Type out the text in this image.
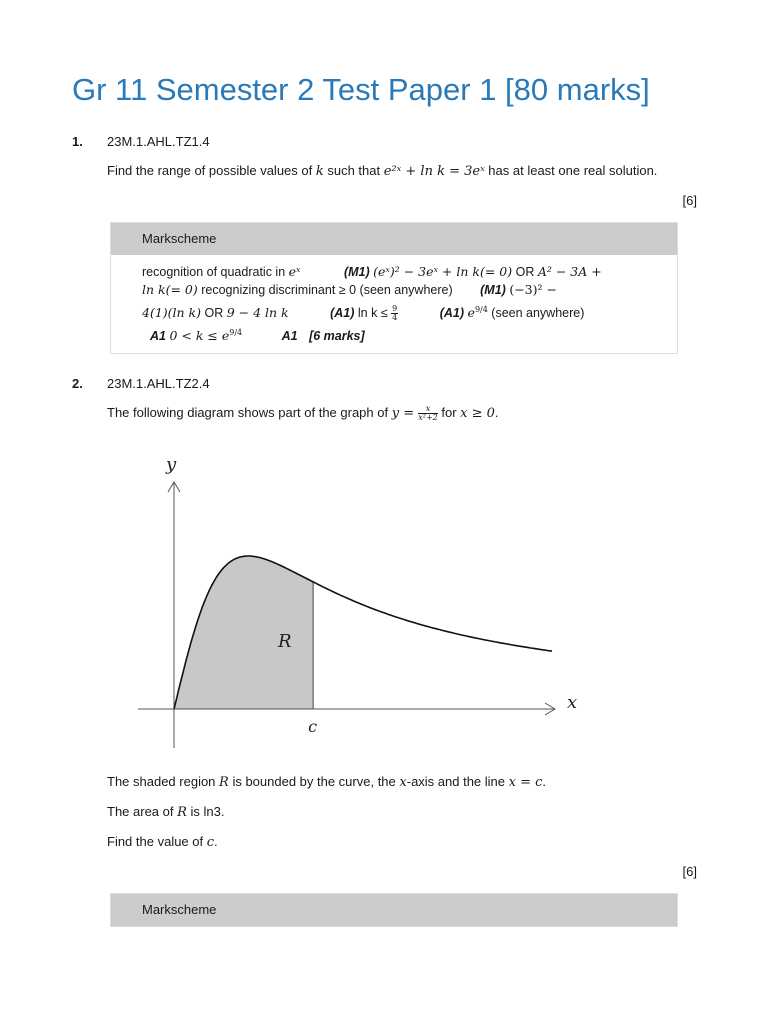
Gr 11 Semester 2 Test Paper 1 [80 marks]
1. 23M.1.AHL.TZ1.4
Find the range of possible values of k such that e²ˣ + ln k = 3eˣ has at least one real solution.
[6]
Markscheme
recognition of quadratic in eˣ	(M1) (eˣ)² − 3eˣ + ln k(= 0) OR A² − 3A +
ln k(= 0) recognizing discriminant ≥ 0 (seen anywhere) (M1) (−3)² −
4(1)(ln k) OR 9 − 4 ln k	(A1) $\ln k \le \frac{9}{4}$	(A1) $e^{9/4}$ (seen anywhere)
A1 $0 < k \le e^{9/4}$	A1 [6 marks]
2. 23M.1.AHL.TZ2.4
The following diagram shows part of the graph of $y = \frac{x}{\text{x²+2}}$ for x ≥ 0.
y
x
R
c
The shaded region R is bounded by the curve, the x-axis and the line x = c.
The area of R is ln3.
Find the value of c.
[6]
Markscheme
